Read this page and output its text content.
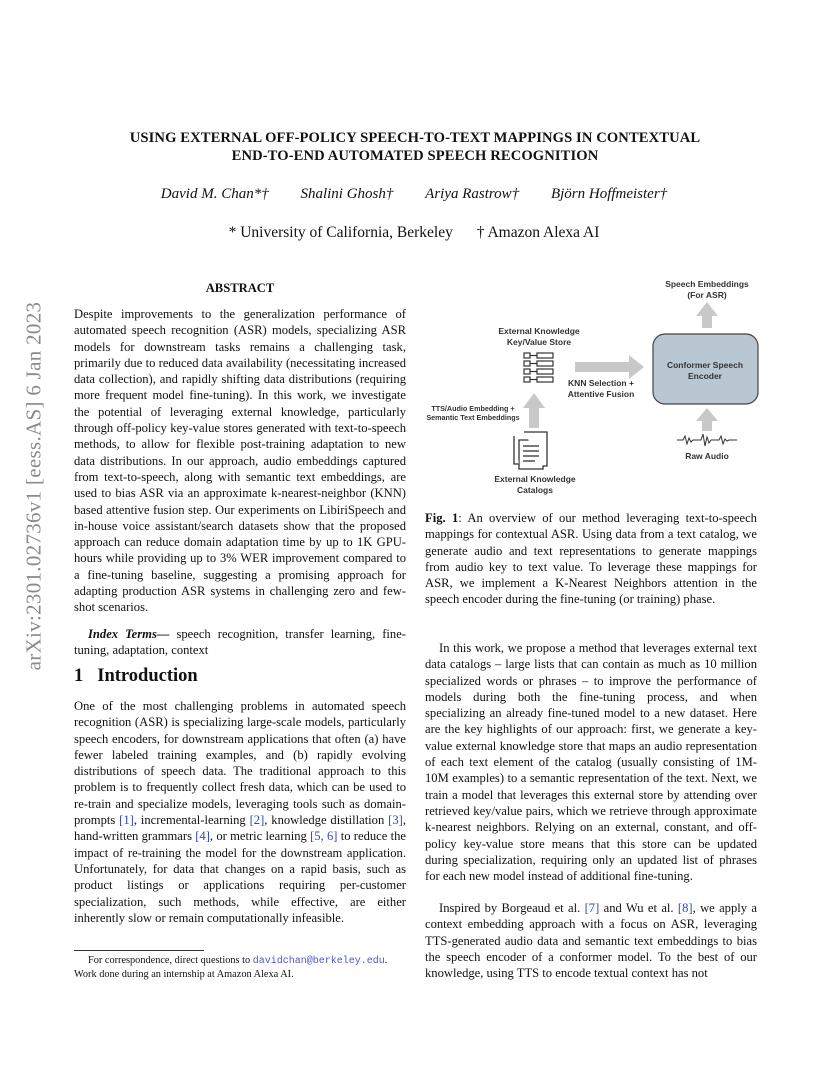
arXiv:2301.02736v1 [eess.AS] 6 Jan 2023
USING EXTERNAL OFF-POLICY SPEECH-TO-TEXT MAPPINGS IN CONTEXTUAL
END-TO-END AUTOMATED SPEECH RECOGNITION
David M. Chan*† Shalini Ghosh† Ariya Rastrow† Björn Hoffmeister†
* University of California, Berkeley † Amazon Alexa AI
ABSTRACT

Despite improvements to the generalization performance of automated speech recognition (ASR) models, specializing ASR models for downstream tasks remains a challenging task, primarily due to reduced data availability (necessitating increased data collection), and rapidly shifting data distributions (requiring more frequent model fine-tuning). In this work, we investigate the potential of leveraging external knowledge, particularly through off-policy key-value stores generated with text-to-speech methods, to allow for flexible post-training adaptation to new data distributions. In our approach, audio embeddings captured from text-to-speech, along with semantic text embeddings, are used to bias ASR via an approximate k-nearest-neighbor (KNN) based attentive fusion step. Our experiments on LibiriSpeech and in-house voice assistant/search datasets show that the proposed approach can reduce domain adaptation time by up to 1K GPU-hours while providing up to 3% WER improvement compared to a fine-tuning baseline, suggesting a promising approach for adapting production ASR systems in challenging zero and few-shot scenarios.

Index Terms— speech recognition, transfer learning, fine-tuning, adaptation, context

1 Introduction

One of the most challenging problems in automated speech recognition (ASR) is specializing large-scale models, particularly speech encoders, for downstream applications that often (a) have fewer labeled training examples, and (b) rapidly evolving distributions of speech data. The traditional approach to this problem is to frequently collect fresh data, which can be used to re-train and specialize models, leveraging tools such as domain-prompts [1], incremental-learning [2], knowledge distillation [3], hand-written grammars [4], or metric learning [5, 6] to reduce the impact of re-training the model for the downstream application. Unfortunately, for data that changes on a rapid basis, such as product listings or applications requiring per-customer specialization, such methods, while effective, are either inherently slow or remain computationally infeasible.

For correspondence, direct questions to davidchan@berkeley.edu.
Work done during an internship at Amazon Alexa AI.
Speech Embeddings
(For ASR)
External Knowledge
Key/Value Store
KNN Selection +
Attentive Fusion
Conformer Speech
Encoder
Raw Audio
TTS/Audio Embedding +
Semantic Text Embeddings
External Knowledge
Catalogs
Fig. 1: An overview of our method leveraging text-to-speech mappings for contextual ASR. Using data from a text catalog, we generate audio and text representations to generate mappings from audio key to text value. To leverage these mappings for ASR, we implement a K-Nearest Neighbors attention in the speech encoder during the fine-tuning (or training) phase.

In this work, we propose a method that leverages external text data catalogs – large lists that can contain as much as 10 million specialized words or phrases – to improve the performance of models during both the fine-tuning process, and when specializing an already fine-tuned model to a new dataset. Here are the key highlights of our approach: first, we generate a key-value external knowledge store that maps an audio representation of each text element of the catalog (usually consisting of 1M-10M examples) to a semantic representation of the text. Next, we train a model that leverages this external store by attending over retrieved key/value pairs, which we retrieve through approximate k-nearest neighbors. Relying on an external, constant, and off-policy key-value store means that this store can be updated during specialization, requiring only an updated list of phrases for each new model instead of additional fine-tuning.

Inspired by Borgeaud et al. [7] and Wu et al. [8], we apply a context embedding approach with a focus on ASR, leveraging TTS-generated audio data and semantic text embeddings to bias the speech encoder of a conformer model. To the best of our knowledge, using TTS to encode textual context has not
